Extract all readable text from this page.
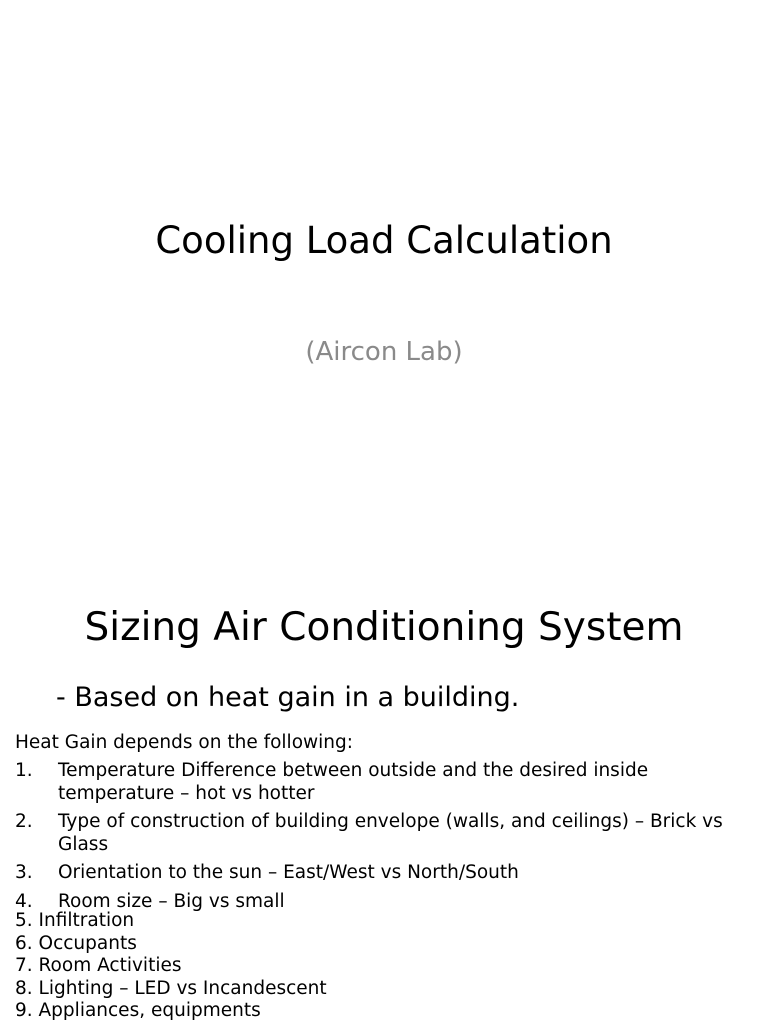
Cooling Load Calculation
(Aircon Lab)
Sizing Air Conditioning System
- Based on heat gain in a building.
Heat Gain depends on the following:
1. Temperature Difference between outside and the desired inside temperature – hot vs hotter
2. Type of construction of building envelope (walls, and ceilings) – Brick vs Glass
3. Orientation to the sun – East/West vs North/South
4. Room size – Big vs small
5. Infiltration
6. Occupants
7. Room Activities
8. Lighting – LED vs Incandescent
9. Appliances, equipments
